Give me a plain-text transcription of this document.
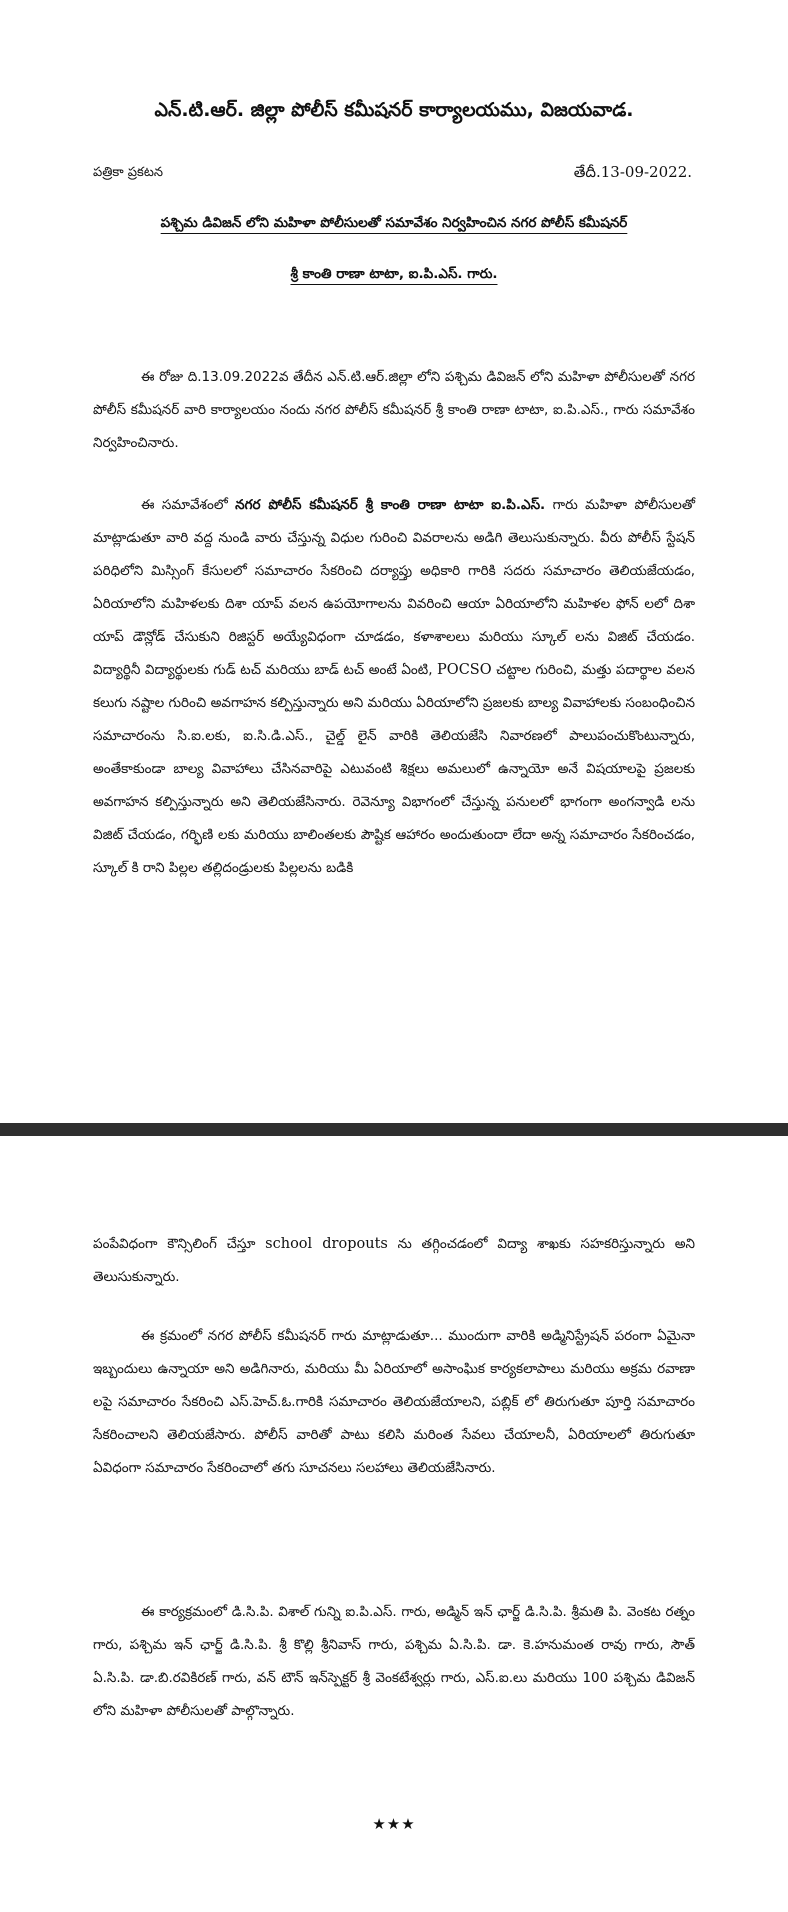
ఎన్.టి.ఆర్. జిల్లా పోలీస్ కమీషనర్ కార్యాలయము, విజయవాడ.
పత్రికా ప్రకటన	తేదీ.13-09-2022.
పశ్చిమ డివిజన్ లోని మహిళా పోలీసులతో సమావేశం నిర్వహించిన నగర పోలీస్ కమీషనర్
శ్రీ కాంతి రాణా టాటా, ఐ.పి.ఎస్. గారు.

ఈ రోజు ది.13.09.2022వ తేదీన ఎన్.టి.ఆర్.జిల్లా లోని పశ్చిమ డివిజన్ లోని మహిళా పోలీసులతో నగర పోలీస్ కమీషనర్ వారి కార్యాలయం నందు నగర పోలీస్ కమీషనర్ శ్రీ కాంతి రాణా టాటా, ఐ.పి.ఎస్., గారు సమావేశం నిర్వహించినారు.

ఈ సమావేశంలో నగర పోలీస్ కమీషనర్ శ్రీ కాంతి రాణా టాటా ఐ.పి.ఎస్. గారు మహిళా పోలీసులతో మాట్లాడుతూ వారి వద్ద నుండి వారు చేస్తున్న విధుల గురించి వివరాలను అడిగి తెలుసుకున్నారు. వీరు పోలీస్ స్టేషన్ పరిధిలోని మిస్సింగ్ కేసులలో సమాచారం సేకరించి దర్యాప్తు అధికారి గారికి సదరు సమాచారం తెలియజేయడం, ఏరియాలోని మహిళలకు దిశా యాప్ వలన ఉపయోగాలను వివరించి ఆయా ఏరియాలోని మహిళల ఫోన్ లలో దిశా యాప్ డౌన్లోడ్ చేసుకుని రిజిస్టర్ అయ్యేవిధంగా చూడడం, కళాశాలలు మరియు స్కూల్ లను విజిట్ చేయడం. విద్యార్థినీ విద్యార్థులకు గుడ్ టచ్ మరియు బాడ్ టచ్ అంటే ఏంటి, POCSO చట్టాల గురించి, మత్తు పదార్థాల వలన కలుగు నష్టాల గురించి అవగాహన కల్పిస్తున్నారు అని మరియు ఏరియాలోని ప్రజలకు బాల్య వివాహాలకు సంబంధించిన సమాచారంను సి.ఐ.లకు, ఐ.సి.డి.ఎస్., చైల్డ్ లైన్ వారికి తెలియజేసి నివారణలో పాలుపంచుకొంటున్నారు, అంతేకాకుండా బాల్య వివాహాలు చేసినవారిపై ఎటువంటి శిక్షలు అమలులో ఉన్నాయో అనే విషయాలపై ప్రజలకు అవగాహన కల్పిస్తున్నారు అని తెలియజేసినారు. రెవెన్యూ విభాగంలో చేస్తున్న పనులలో భాగంగా అంగన్వాడి లను విజిట్ చేయడం, గర్భిణి లకు మరియు బాలింతలకు పౌష్టిక ఆహారం అందుతుందా లేదా అన్న సమాచారం సేకరించడం, స్కూల్ కి రాని పిల్లల తల్లిదండ్రులకు పిల్లలను బడికి

పంపేవిధంగా కౌన్సిలింగ్ చేస్తూ school dropouts ను తగ్గించడంలో విద్యా శాఖకు సహకరిస్తున్నారు అని తెలుసుకున్నారు.

ఈ క్రమంలో నగర పోలీస్ కమీషనర్ గారు మాట్లాడుతూ... ముందుగా వారికి అడ్మినిస్ట్రేషన్ పరంగా ఏమైనా ఇబ్బందులు ఉన్నాయా అని అడిగినారు, మరియు మీ ఏరియాలో అసాంఘిక కార్యకలాపాలు మరియు అక్రమ రవాణా లపై సమాచారం సేకరించి ఎస్.హెచ్.ఓ.గారికి సమాచారం తెలియజేయాలని, పబ్లిక్ లో తిరుగుతూ పూర్తి సమాచారం సేకరించాలని తెలియజేసారు. పోలీస్ వారితో పాటు కలిసి మరింత సేవలు చేయాలనీ, ఏరియాలలో తిరుగుతూ ఏవిధంగా సమాచారం సేకరించాలో తగు సూచనలు సలహాలు తెలియజేసినారు.

ఈ కార్యక్రమంలో డి.సి.పి. విశాల్ గున్ని ఐ.పి.ఎస్. గారు, అడ్మిన్ ఇన్ ఛార్జ్ డి.సి.పి. శ్రీమతి పి. వెంకట రత్నం గారు, పశ్చిమ ఇన్ ఛార్జ్ డి.సి.పి. శ్రీ కొల్లి శ్రీనివాస్ గారు, పశ్చిమ ఏ.సి.పి. డా. కె.హనుమంత రావు గారు, సౌత్ ఏ.సి.పి. డా.బి.రవికిరణ్ గారు, వన్ టౌన్ ఇన్‌స్పెక్టర్ శ్రీ వెంకటేశ్వర్లు గారు, ఎస్.ఐ.లు మరియు 100 పశ్చిమ డివిజన్ లోని మహిళా పోలీసులతో పాల్గొన్నారు.

★★★
